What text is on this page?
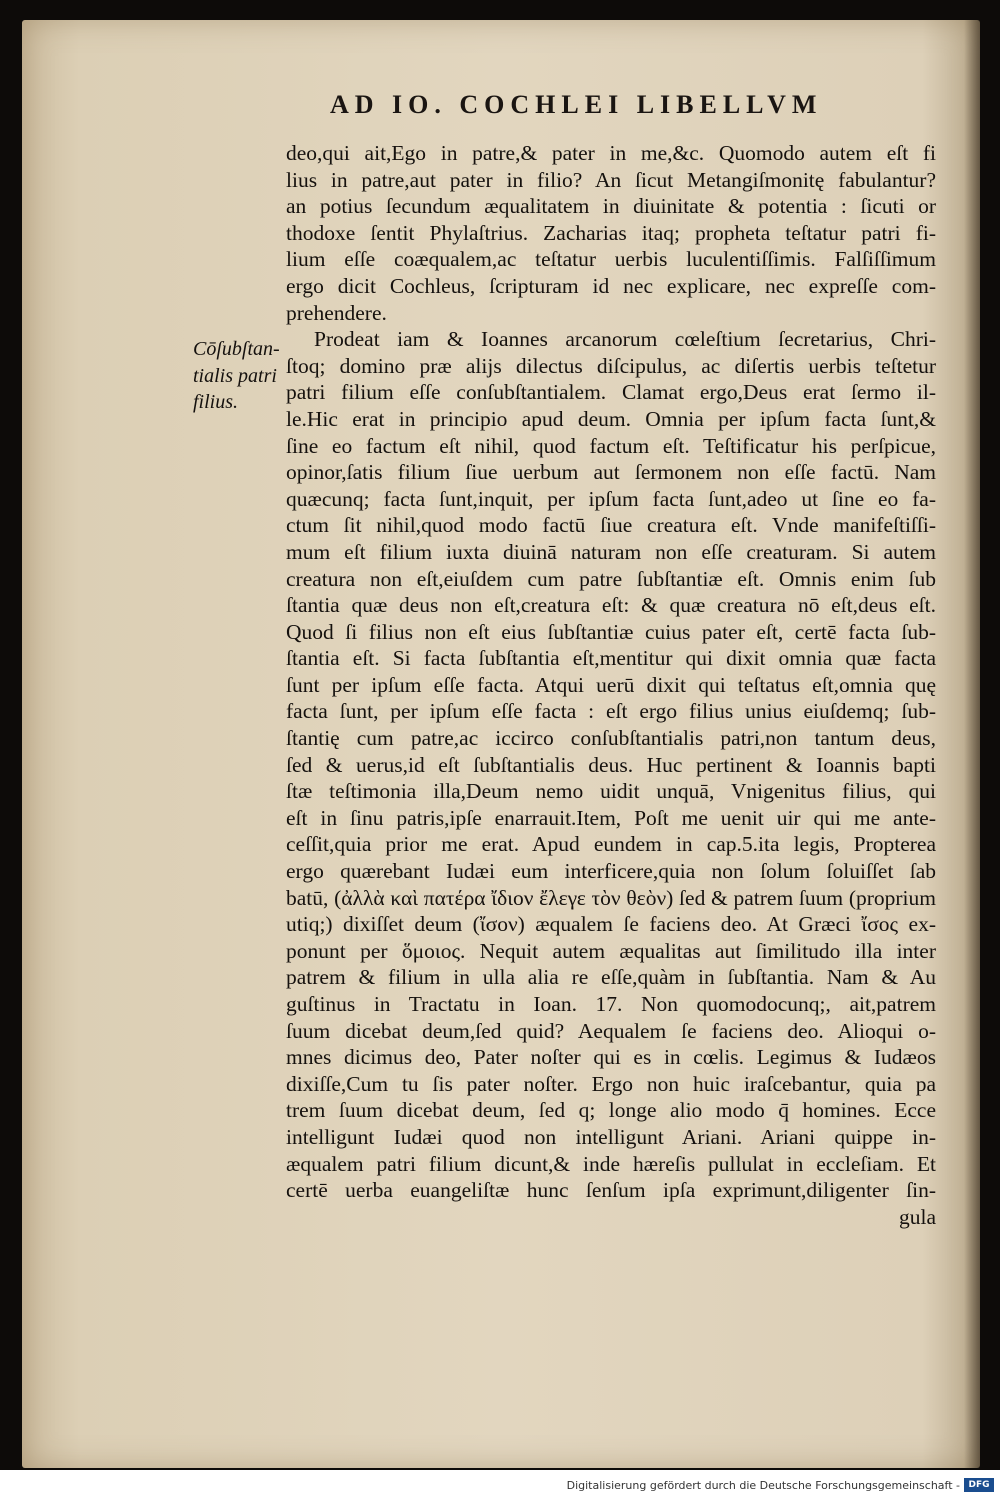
AD IO. COCHLEI LIBELLVM
Cōſubſtan-
tialis patri
filius.
deo,qui ait,Ego in patre,& pater in me,&c. Quomodo autem eſt fi
lius in patre,aut pater in filio? An ſicut Metangiſmonitę fabulantur?
an potius ſecundum æqualitatem in diuinitate & potentia : ſicuti or
thodoxe ſentit Phylaſtrius. Zacharias itaq; propheta teſtatur patri fi-
lium eſſe coæqualem,ac teſtatur uerbis luculentiſſimis. Falſiſſimum
ergo dicit Cochleus, ſcripturam id nec explicare, nec expreſſe com-
prehendere.
Prodeat iam & Ioannes arcanorum cœleſtium ſecretarius, Chri-
ſtoq; domino præ aliјs dilectus diſcipulus, ac diſertis uerbis teſtetur
patri filium eſſe conſubſtantialem. Clamat ergo,Deus erat ſermo il-
le.Hic erat in principio apud deum. Omnia per ipſum facta ſunt,&
ſine eo factum eſt nihil, quod factum eſt. Teſtificatur his perſpicue,
opinor,ſatis filium ſiue uerbum aut ſermonem non eſſe factū. Nam
quæcunq; facta ſunt,inquit, per ipſum facta ſunt,adeo ut ſine eo fa-
ctum ſit nihil,quod modo factū ſiue creatura eſt. Vnde manifeſtiſſi-
mum eſt filium iuxta diuinā naturam non eſſe creaturam. Si autem
creatura non eſt,eiuſdem cum patre ſubſtantiæ eſt. Omnis enim ſub
ſtantia quæ deus non eſt,creatura eſt: & quæ creatura nō eſt,deus eſt.
Quod ſi filius non eſt eius ſubſtantiæ cuius pater eſt, certē facta ſub-
ſtantia eſt. Si facta ſubſtantia eſt,mentitur qui dixit omnia quæ facta
ſunt per ipſum eſſe facta. Atqui uerū dixit qui teſtatus eſt,omnia quę
facta ſunt, per ipſum eſſe facta : eſt ergo filius unius eiuſdemq; ſub-
ſtantię cum patre,ac iccirco conſubſtantialis patri,non tantum deus,
ſed & uerus,id eſt ſubſtantialis deus. Huc pertinent & Ioannis bapti
ſtæ teſtimonia illa,Deum nemo uidit unquā, Vnigenitus filius, qui
eſt in ſinu patris,ipſe enarrauit.Item, Poſt me uenit uir qui me ante-
ceſſit,quia prior me erat. Apud eundem in cap.5.ita legis, Propterea
ergo quærebant Iudæi eum interficere,quia non ſolum ſoluiſſet ſab
batū, (ἀλλὰ καὶ πατέρα ἴδιον ἔλεγε τὸν θεὸν) ſed & patrem ſuum (proprium
utiq;) dixiſſet deum (ἴσον) æqualem ſe faciens deo. At Græci ἴσος ex-
ponunt per ὅμοιος. Nequit autem æqualitas aut ſimilitudo illa inter
patrem & filium in ulla alia re eſſe,quàm in ſubſtantia. Nam & Au
guſtinus in Tractatu in Ioan. 17. Non quomodocunq;, ait,patrem
ſuum dicebat deum,ſed quid? Aequalem ſe faciens deo. Alioqui o-
mnes dicimus deo, Pater noſter qui es in cœlis. Legimus & Iudæos
dixiſſe,Cum tu ſis pater noſter. Ergo non huic iraſcebantur, quia pa
trem ſuum dicebat deum, ſed q; longe alio modo q̄ homines. Ecce
intelligunt Iudæi quod non intelligunt Ariani. Ariani quippe in-
æqualem patri filium dicunt,& inde hæreſis pullulat in eccleſiam. Et
certē uerba euangeliſtæ hunc ſenſum ipſa exprimunt,diligenter ſin-
gula
Digitalisierung gefördert durch die Deutsche Forschungsgemeinschaft - DFG
